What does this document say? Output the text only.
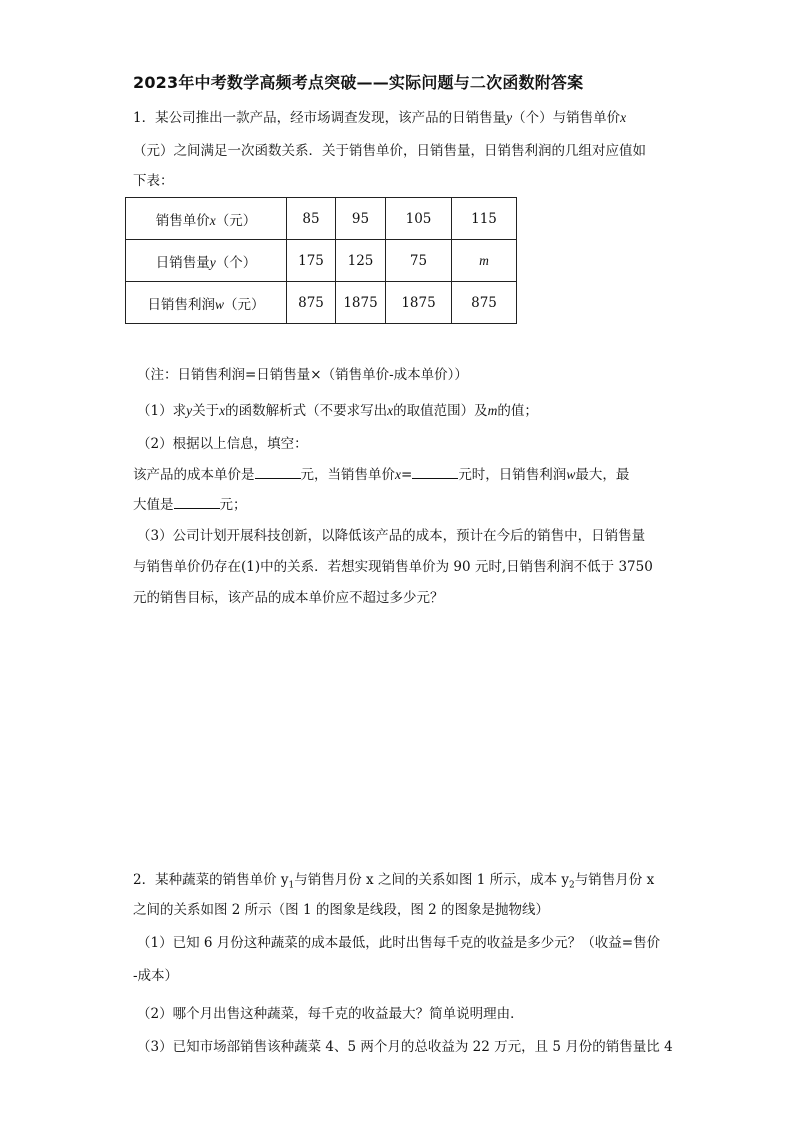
2023年中考数学高频考点突破——实际问题与二次函数附答案
1．某公司推出一款产品，经市场调查发现，该产品的日销售量y（个）与销售单价x
（元）之间满足一次函数关系．关于销售单价，日销售量，日销售利润的几组对应值如
下表：
销售单价x（元）	85	95	105	115
日销售量y（个）	175	125	75	m
日销售利润w（元）	875	1875	1875	875
（注：日销售利润=日销售量×（销售单价-成本单价））
（1）求y关于x的函数解析式（不要求写出x的取值范围）及m的值；
（2）根据以上信息，填空：
该产品的成本单价是	元，当销售单价x=	元时，日销售利润w最大，最
大值是	元；
（3）公司计划开展科技创新，以降低该产品的成本，预计在今后的销售中，日销售量
与销售单价仍存在(1)中的关系．若想实现销售单价为 90 元时,日销售利润不低于 3750
元的销售目标，该产品的成本单价应不超过多少元？
2．某种蔬菜的销售单价 $y_1$与销售月份 x 之间的关系如图 1 所示，成本 $y_2$与销售月份 x
之间的关系如图 2 所示（图 1 的图象是线段，图 2 的图象是抛物线）
（1）已知 6 月份这种蔬菜的成本最低，此时出售每千克的收益是多少元？（收益=售价
-成本）
（2）哪个月出售这种蔬菜，每千克的收益最大？简单说明理由．
（3）已知市场部销售该种蔬菜 4、5 两个月的总收益为 22 万元，且 5 月份的销售量比 4
